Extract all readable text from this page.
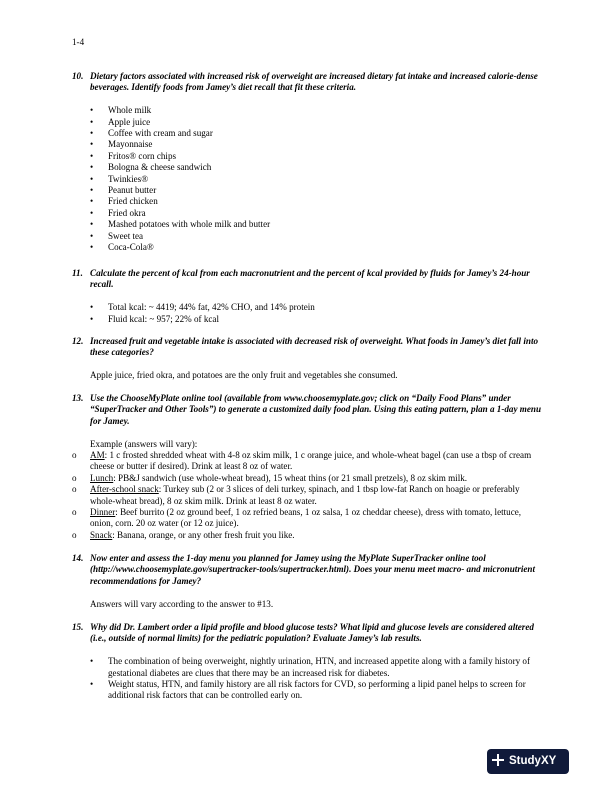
1-4
10. Dietary factors associated with increased risk of overweight are increased dietary fat intake and increased calorie-dense beverages. Identify foods from Jamey’s diet recall that fit these criteria.
•	Whole milk
•	Apple juice
•	Coffee with cream and sugar
•	Mayonnaise
•	Fritos® corn chips
•	Bologna & cheese sandwich
•	Twinkies®
•	Peanut butter
•	Fried chicken
•	Fried okra
•	Mashed potatoes with whole milk and butter
•	Sweet tea
•	Coca-Cola®
11. Calculate the percent of kcal from each macronutrient and the percent of kcal provided by fluids for Jamey’s 24-hour recall.
•	Total kcal: ~ 4419; 44% fat, 42% CHO, and 14% protein
•	Fluid kcal: ~ 957; 22% of kcal
12. Increased fruit and vegetable intake is associated with decreased risk of overweight. What foods in Jamey’s diet fall into these categories?
Apple juice, fried okra, and potatoes are the only fruit and vegetables she consumed.
13. Use the ChooseMyPlate online tool (available from www.choosemyplate.gov; click on “Daily Food Plans” under “SuperTracker and Other Tools”) to generate a customized daily food plan. Using this eating pattern, plan a 1-day menu for Jamey.
Example (answers will vary):
o	AM: 1 c frosted shredded wheat with 4-8 oz skim milk, 1 c orange juice, and whole-wheat bagel (can use a tbsp of cream cheese or butter if desired). Drink at least 8 oz of water.
o	Lunch: PB&J sandwich (use whole-wheat bread), 15 wheat thins (or 21 small pretzels), 8 oz skim milk.
o	After-school snack: Turkey sub (2 or 3 slices of deli turkey, spinach, and 1 tbsp low-fat Ranch on hoagie or preferably whole-wheat bread), 8 oz skim milk. Drink at least 8 oz water.
o	Dinner: Beef burrito (2 oz ground beef, 1 oz refried beans, 1 oz salsa, 1 oz cheddar cheese), dress with tomato, lettuce, onion, corn. 20 oz water (or 12 oz juice).
o	Snack: Banana, orange, or any other fresh fruit you like.
14. Now enter and assess the 1-day menu you planned for Jamey using the MyPlate SuperTracker online tool (http://www.choosemyplate.gov/supertracker-tools/supertracker.html). Does your menu meet macro- and micronutrient recommendations for Jamey?
Answers will vary according to the answer to #13.
15. Why did Dr. Lambert order a lipid profile and blood glucose tests? What lipid and glucose levels are considered altered (i.e., outside of normal limits) for the pediatric population? Evaluate Jamey’s lab results.
•	The combination of being overweight, nightly urination, HTN, and increased appetite along with a family history of gestational diabetes are clues that there may be an increased risk for diabetes.
•	Weight status, HTN, and family history are all risk factors for CVD, so performing a lipid panel helps to screen for additional risk factors that can be controlled early on.
StudyXY
